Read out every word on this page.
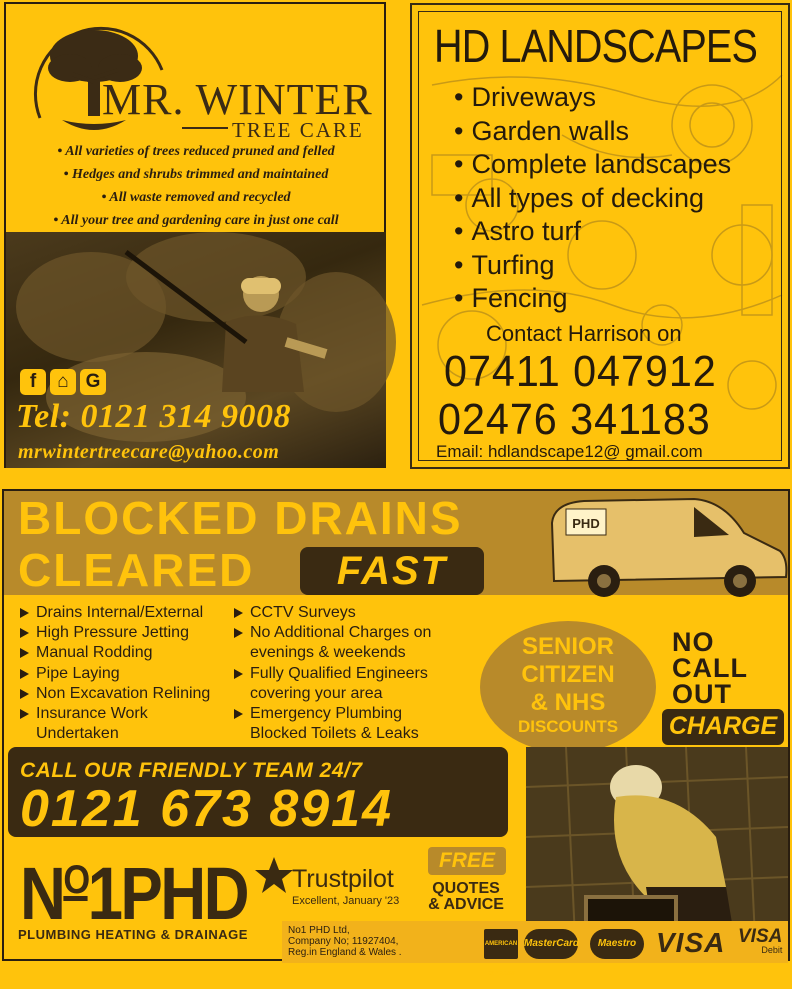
MR. WINTER
TREE CARE
• All varieties of trees reduced pruned and felled
• Hedges and shrubs trimmed and maintained
• All waste removed and recycled
• All your tree and gardening care in just one call
f	⌂ G
Tel: 0121 314 9008
mrwintertreecare@yahoo.com
HD LANDSCAPES
• Driveways
• Garden walls
• Complete landscapes
• All types of decking
• Astro turf
• Turfing
• Fencing
Contact Harrison on
07411 047912
02476 341183
Email: hdlandscape12@ gmail.com
BLOCKED DRAINS
CLEARED	FAST
PHD
Drains Internal/External
High Pressure Jetting
Manual Rodding
Pipe Laying
Non Excavation Relining
Insurance Work
Undertaken
CCTV Surveys
No Additional Charges on
evenings & weekends
Fully Qualified Engineers
covering your area
Emergency Plumbing
Blocked Toilets & Leaks
SENIOR
CITIZEN
& NHS
DISCOUNTS
NO
CALL
OUT
CHARGE
CALL OUR FRIENDLY TEAM 24/7
0121 673 8914
$N^O1PHD$
PLUMBING HEATING & DRAINAGE
Trustpilot
Excellent, January '23
FREE
QUOTES
& ADVICE
No1 PHD Ltd,
Company No; 11927404,
Reg.in England & Wales .
AMERICAN EXPRESS
MasterCard	Maestro VISA VISA
Debit
